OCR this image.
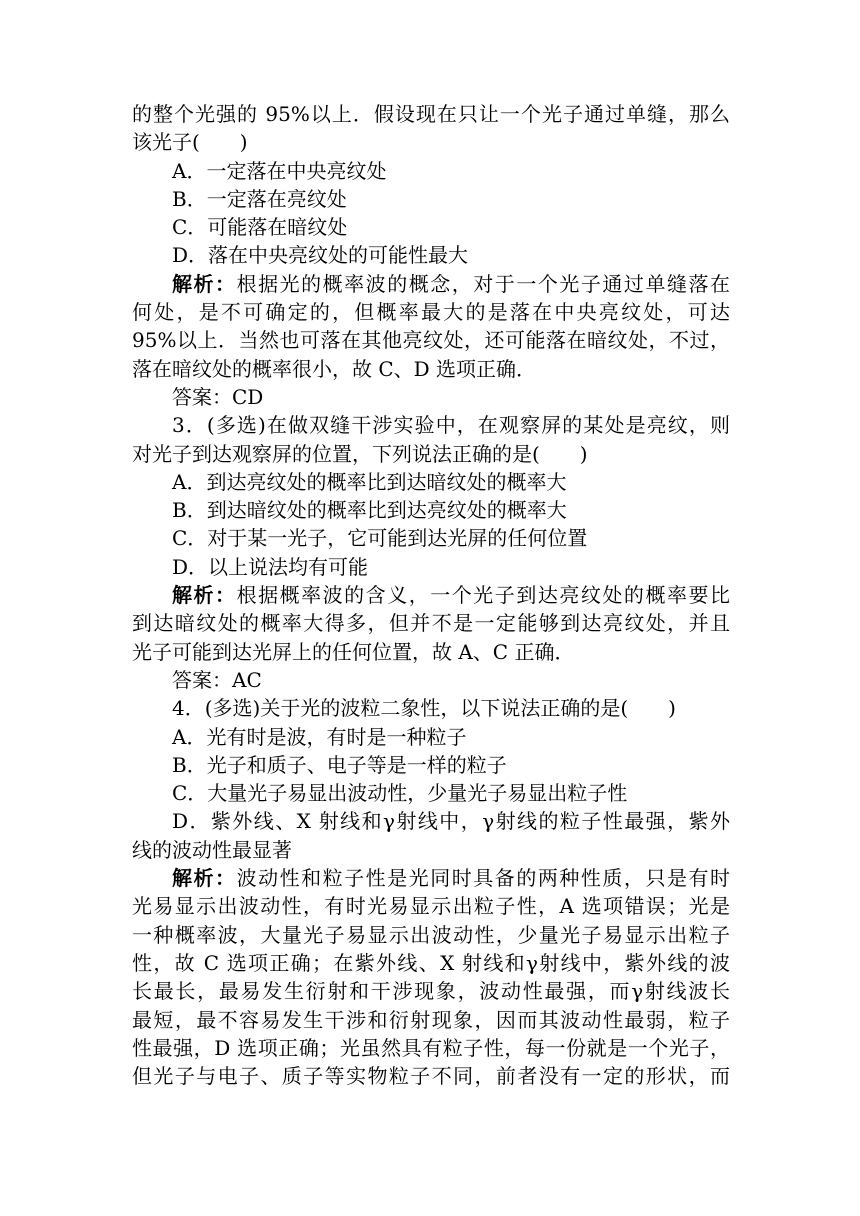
的整个光强的 95%以上．假设现在只让一个光子通过单缝，那么
该光子(　　)
A．一定落在中央亮纹处
B．一定落在亮纹处
C．可能落在暗纹处
D．落在中央亮纹处的可能性最大
解析：根据光的概率波的概念，对于一个光子通过单缝落在
何处，是不可确定的，但概率最大的是落在中央亮纹处，可达
95%以上．当然也可落在其他亮纹处，还可能落在暗纹处，不过，
落在暗纹处的概率很小，故 C、D 选项正确．
答案：CD
3．(多选)在做双缝干涉实验中，在观察屏的某处是亮纹，则
对光子到达观察屏的位置，下列说法正确的是(　　)
A．到达亮纹处的概率比到达暗纹处的概率大
B．到达暗纹处的概率比到达亮纹处的概率大
C．对于某一光子，它可能到达光屏的任何位置
D．以上说法均有可能
解析：根据概率波的含义，一个光子到达亮纹处的概率要比
到达暗纹处的概率大得多，但并不是一定能够到达亮纹处，并且
光子可能到达光屏上的任何位置，故 A、C 正确．
答案：AC
4．(多选)关于光的波粒二象性，以下说法正确的是(　　)
A．光有时是波，有时是一种粒子
B．光子和质子、电子等是一样的粒子
C．大量光子易显出波动性，少量光子易显出粒子性
D．紫外线、X 射线和γ射线中，γ射线的粒子性最强，紫外
线的波动性最显著
解析：波动性和粒子性是光同时具备的两种性质，只是有时
光易显示出波动性，有时光易显示出粒子性，A 选项错误；光是
一种概率波，大量光子易显示出波动性，少量光子易显示出粒子
性，故 C 选项正确；在紫外线、X 射线和γ射线中，紫外线的波
长最长，最易发生衍射和干涉现象，波动性最强，而γ射线波长
最短，最不容易发生干涉和衍射现象，因而其波动性最弱，粒子
性最强，D 选项正确；光虽然具有粒子性，每一份就是一个光子，
但光子与电子、质子等实物粒子不同，前者没有一定的形状，而
